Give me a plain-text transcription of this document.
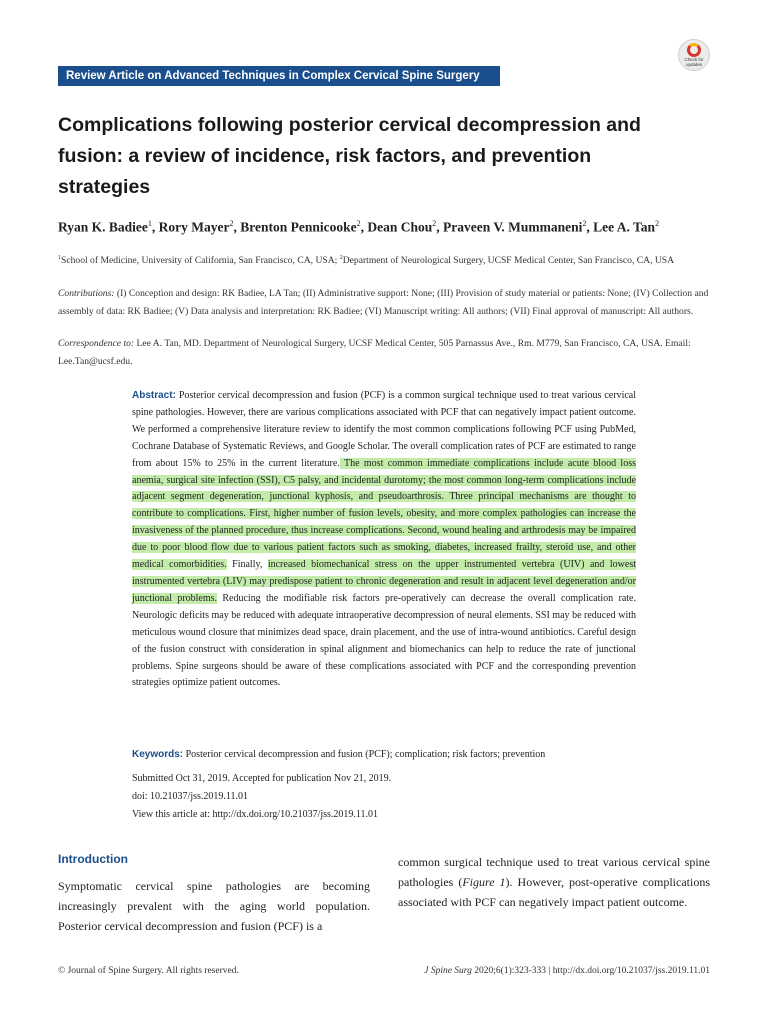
Review Article on Advanced Techniques in Complex Cervical Spine Surgery
Check for updates
Complications following posterior cervical decompression and fusion: a review of incidence, risk factors, and prevention strategies

Ryan K. Badiee$^1$, Rory Mayer$^2$, Brenton Pennicooke$^2$, Dean Chou$^2$, Praveen V. Mummaneni$^2$, Lee A. Tan$^2$

$^1$School of Medicine, University of California, San Francisco, CA, USA; $^2$Department of Neurological Surgery, UCSF Medical Center, San Francisco, CA, USA

Contributions: (I) Conception and design: RK Badiee, LA Tan; (II) Administrative support: None; (III) Provision of study material or patients: None; (IV) Collection and assembly of data: RK Badiee; (V) Data analysis and interpretation: RK Badiee; (VI) Manuscript writing: All authors; (VII) Final approval of manuscript: All authors.

Correspondence to: Lee A. Tan, MD. Department of Neurological Surgery, UCSF Medical Center, 505 Parnassus Ave., Rm. M779, San Francisco, CA, USA. Email: Lee.Tan@ucsf.edu.

Abstract: Posterior cervical decompression and fusion (PCF) is a common surgical technique used to treat various cervical spine pathologies. However, there are various complications associated with PCF that can negatively impact patient outcome. We performed a comprehensive literature review to identify the most common complications following PCF using PubMed, Cochrane Database of Systematic Reviews, and Google Scholar. The overall complication rates of PCF are estimated to range from about 15% to 25% in the current literature. The most common immediate complications include acute blood loss anemia, surgical site infection (SSI), C5 palsy, and incidental durotomy; the most common long-term complications include adjacent segment degeneration, junctional kyphosis, and pseudoarthrosis. Three principal mechanisms are thought to contribute to complications. First, higher number of fusion levels, obesity, and more complex pathologies can increase the invasiveness of the planned procedure, thus increase complications. Second, wound healing and arthrodesis may be impaired due to poor blood flow due to various patient factors such as smoking, diabetes, increased frailty, steroid use, and other medical comorbidities. Finally, increased biomechanical stress on the upper instrumented vertebra (UIV) and lowest instrumented vertebra (LIV) may predispose patient to chronic degeneration and result in adjacent level degeneration and/or junctional problems. Reducing the modifiable risk factors pre-operatively can decrease the overall complication rate. Neurologic deficits may be reduced with adequate intraoperative decompression of neural elements. SSI may be reduced with meticulous wound closure that minimizes dead space, drain placement, and the use of intra-wound antibiotics. Careful design of the fusion construct with consideration in spinal alignment and biomechanics can help to reduce the rate of junctional problems. Spine surgeons should be aware of these complications associated with PCF and the corresponding prevention strategies optimize patient outcomes.

Keywords: Posterior cervical decompression and fusion (PCF); complication; risk factors; prevention

Submitted Oct 31, 2019. Accepted for publication Nov 21, 2019.
doi: 10.21037/jss.2019.11.01
View this article at: http://dx.doi.org/10.21037/jss.2019.11.01
Introduction
Symptomatic cervical spine pathologies are becoming increasingly prevalent with the aging world population. Posterior cervical decompression and fusion (PCF) is a
common surgical technique used to treat various cervical spine pathologies (Figure 1). However, post-operative complications associated with PCF can negatively impact patient outcome.
© Journal of Spine Surgery. All rights reserved.	J Spine Surg 2020;6(1):323-333 | http://dx.doi.org/10.21037/jss.2019.11.01
